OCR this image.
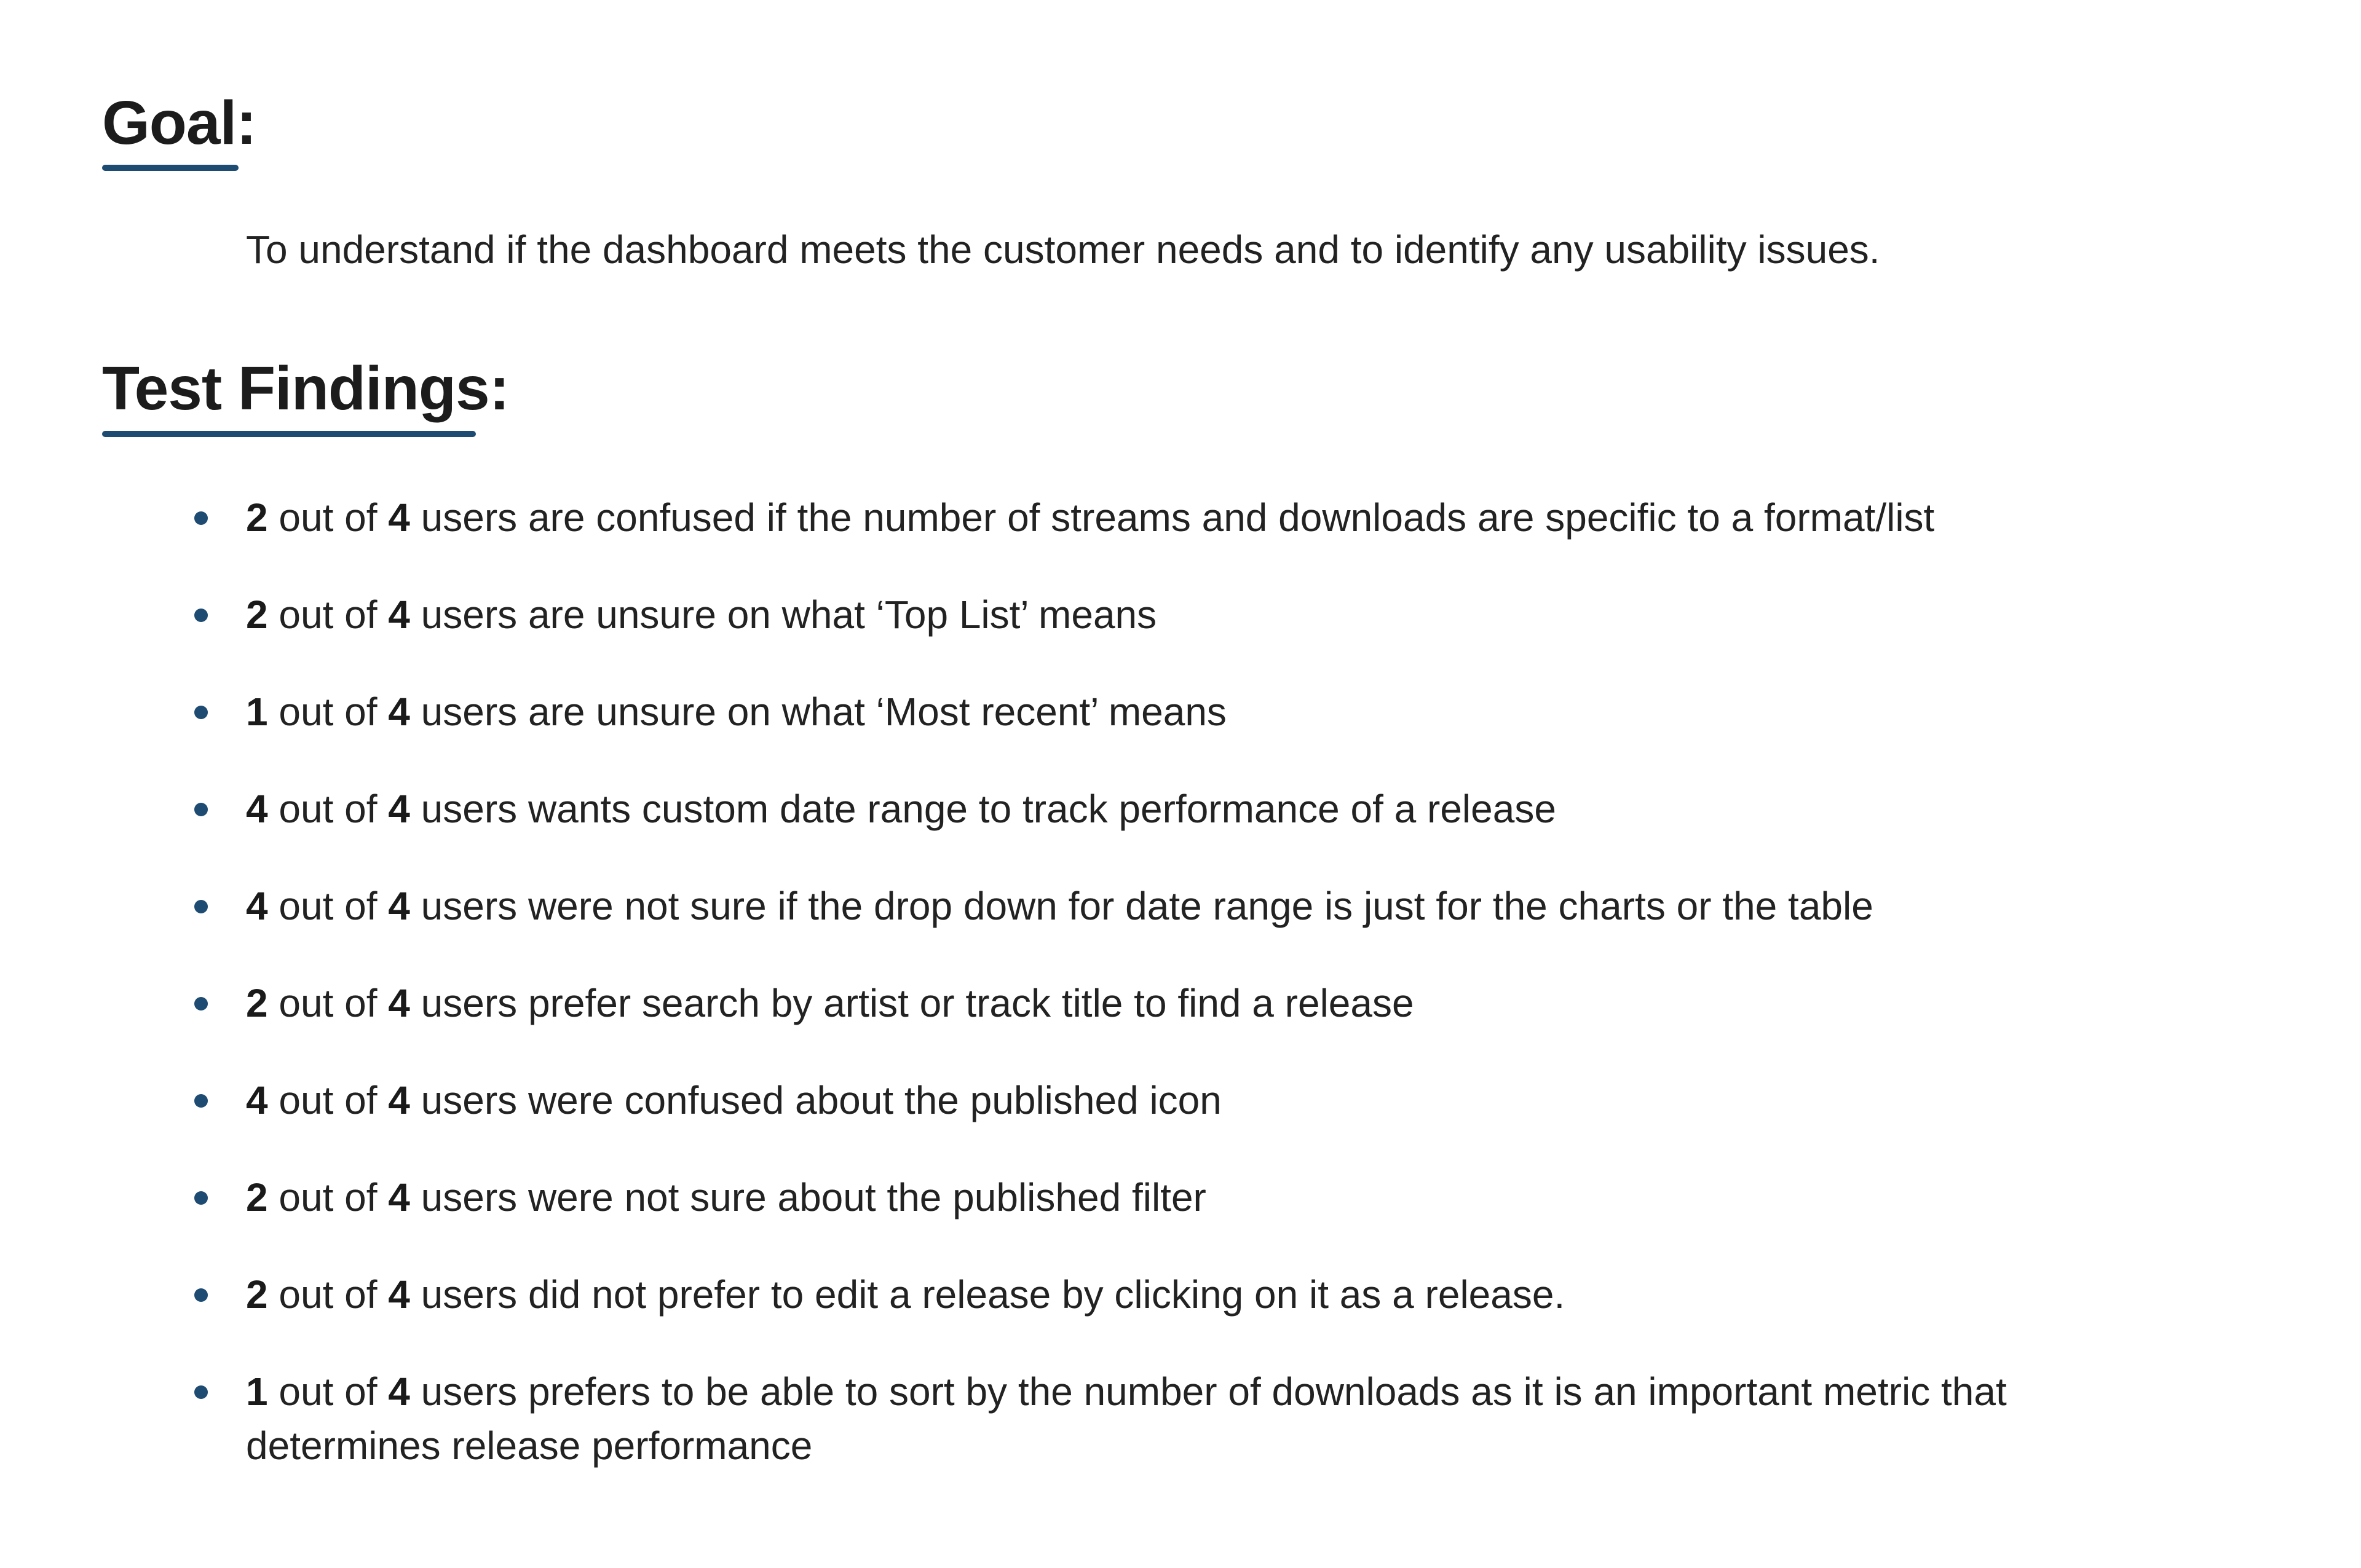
Goal:

To understand if the dashboard meets the customer needs and to identify any usability issues.

Test Findings:
2 out of 4 users are confused if the number of streams and downloads are specific to a format/list
2 out of 4 users are unsure on what ‘Top List’ means
1 out of 4 users are unsure on what ‘Most recent’ means
4 out of 4 users wants custom date range to track performance of a release
4 out of 4 users were not sure if the drop down for date range is just for the charts or the table
2 out of 4 users prefer search by artist or track title to find a release
4 out of 4 users were confused about the published icon
2 out of 4 users were not sure about the published filter
2 out of 4 users did not prefer to edit a release by clicking on it as a release.
1 out of 4 users prefers to be able to sort by the number of downloads as it is an important metric that determines release performance
